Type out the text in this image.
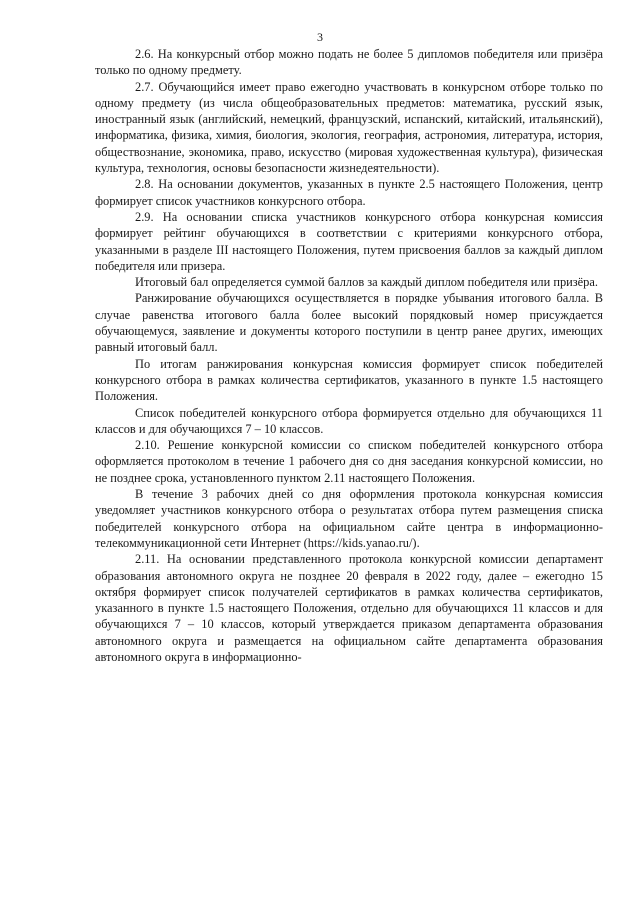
3

2.6. На конкурсный отбор можно подать не более 5 дипломов победителя или призёра только по одному предмету.

2.7. Обучающийся имеет право ежегодно участвовать в конкурсном отборе только по одному предмету (из числа общеобразовательных предметов: математика, русский язык, иностранный язык (английский, немецкий, французский, испанский, китайский, итальянский), информатика, физика, химия, биология, экология, география, астрономия, литература, история, обществознание, экономика, право, искусство (мировая художественная культура), физическая культура, технология, основы безопасности жизнедеятельности).

2.8. На основании документов, указанных в пункте 2.5 настоящего Положения, центр формирует список участников конкурсного отбора.

2.9. На основании списка участников конкурсного отбора конкурсная комиссия формирует рейтинг обучающихся в соответствии с критериями конкурсного отбора, указанными в разделе III настоящего Положения, путем присвоения баллов за каждый диплом победителя или призера.

Итоговый бал определяется суммой баллов за каждый диплом победителя или призёра.

Ранжирование обучающихся осуществляется в порядке убывания итогового балла. В случае равенства итогового балла более высокий порядковый номер присуждается обучающемуся, заявление и документы которого поступили в центр ранее других, имеющих равный итоговый балл.

По итогам ранжирования конкурсная комиссия формирует список победителей конкурсного отбора в рамках количества сертификатов, указанного в пункте 1.5 настоящего Положения.

Список победителей конкурсного отбора формируется отдельно для обучающихся 11 классов и для обучающихся 7 – 10 классов.

2.10. Решение конкурсной комиссии со списком победителей конкурсного отбора оформляется протоколом в течение 1 рабочего дня со дня заседания конкурсной комиссии, но не позднее срока, установленного пунктом 2.11 настоящего Положения.

В течение 3 рабочих дней со дня оформления протокола конкурсная комиссия уведомляет участников конкурсного отбора о результатах отбора путем размещения списка победителей конкурсного отбора на официальном сайте центра в информационно-телекоммуникационной сети Интернет (https://kids.yanao.ru/).

2.11. На основании представленного протокола конкурсной комиссии департамент образования автономного округа не позднее 20 февраля в 2022 году, далее – ежегодно 15 октября формирует список получателей сертификатов в рамках количества сертификатов, указанного в пункте 1.5 настоящего Положения, отдельно для обучающихся 11 классов и для обучающихся 7 – 10 классов, который утверждается приказом департамента образования автономного округа и размещается на официальном сайте департамента образования автономного округа в информационно-
